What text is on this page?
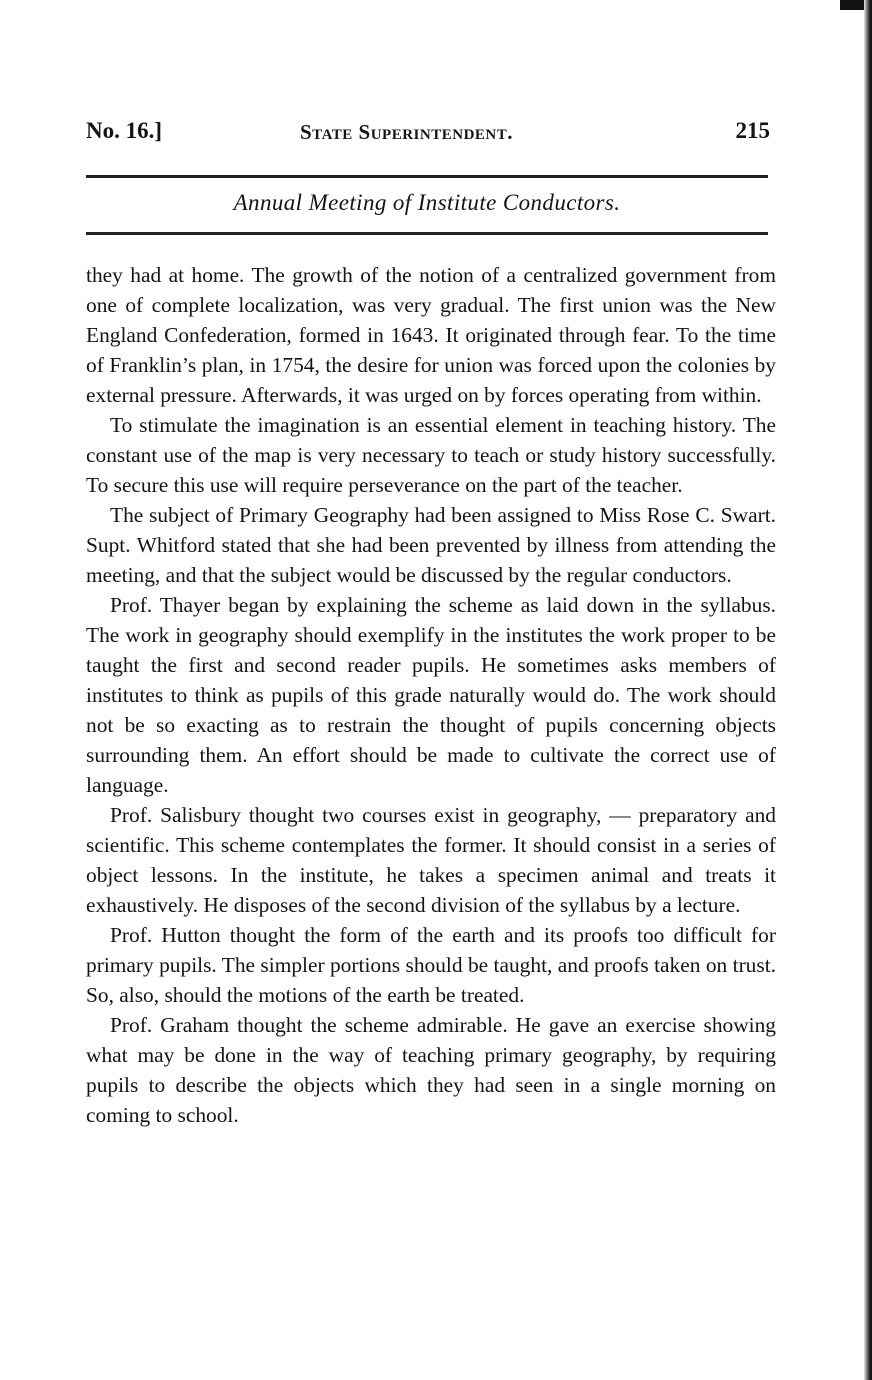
No. 16.]	State Superintendent.	215
Annual Meeting of Institute Conductors.

they had at home. The growth of the notion of a centralized government from one of complete localization, was very gradual. The first union was the New England Confederation, formed in 1643. It originated through fear. To the time of Franklin’s plan, in 1754, the desire for union was forced upon the colonies by external pressure. Afterwards, it was urged on by forces operating from within.

To stimulate the imagination is an essential element in teaching history. The constant use of the map is very necessary to teach or study history successfully. To secure this use will require perseverance on the part of the teacher.

The subject of Primary Geography had been assigned to Miss Rose C. Swart. Supt. Whitford stated that she had been prevented by illness from attending the meeting, and that the subject would be discussed by the regular conductors.

Prof. Thayer began by explaining the scheme as laid down in the syllabus. The work in geography should exemplify in the institutes the work proper to be taught the first and second reader pupils. He sometimes asks members of institutes to think as pupils of this grade naturally would do. The work should not be so exacting as to restrain the thought of pupils concerning objects surrounding them. An effort should be made to cultivate the correct use of language.

Prof. Salisbury thought two courses exist in geography, — preparatory and scientific. This scheme contemplates the former. It should consist in a series of object lessons. In the institute, he takes a specimen animal and treats it exhaustively. He disposes of the second division of the syllabus by a lecture.

Prof. Hutton thought the form of the earth and its proofs too difficult for primary pupils. The simpler portions should be taught, and proofs taken on trust. So, also, should the motions of the earth be treated.

Prof. Graham thought the scheme admirable. He gave an exercise showing what may be done in the way of teaching primary geography, by requiring pupils to describe the objects which they had seen in a single morning on coming to school.
